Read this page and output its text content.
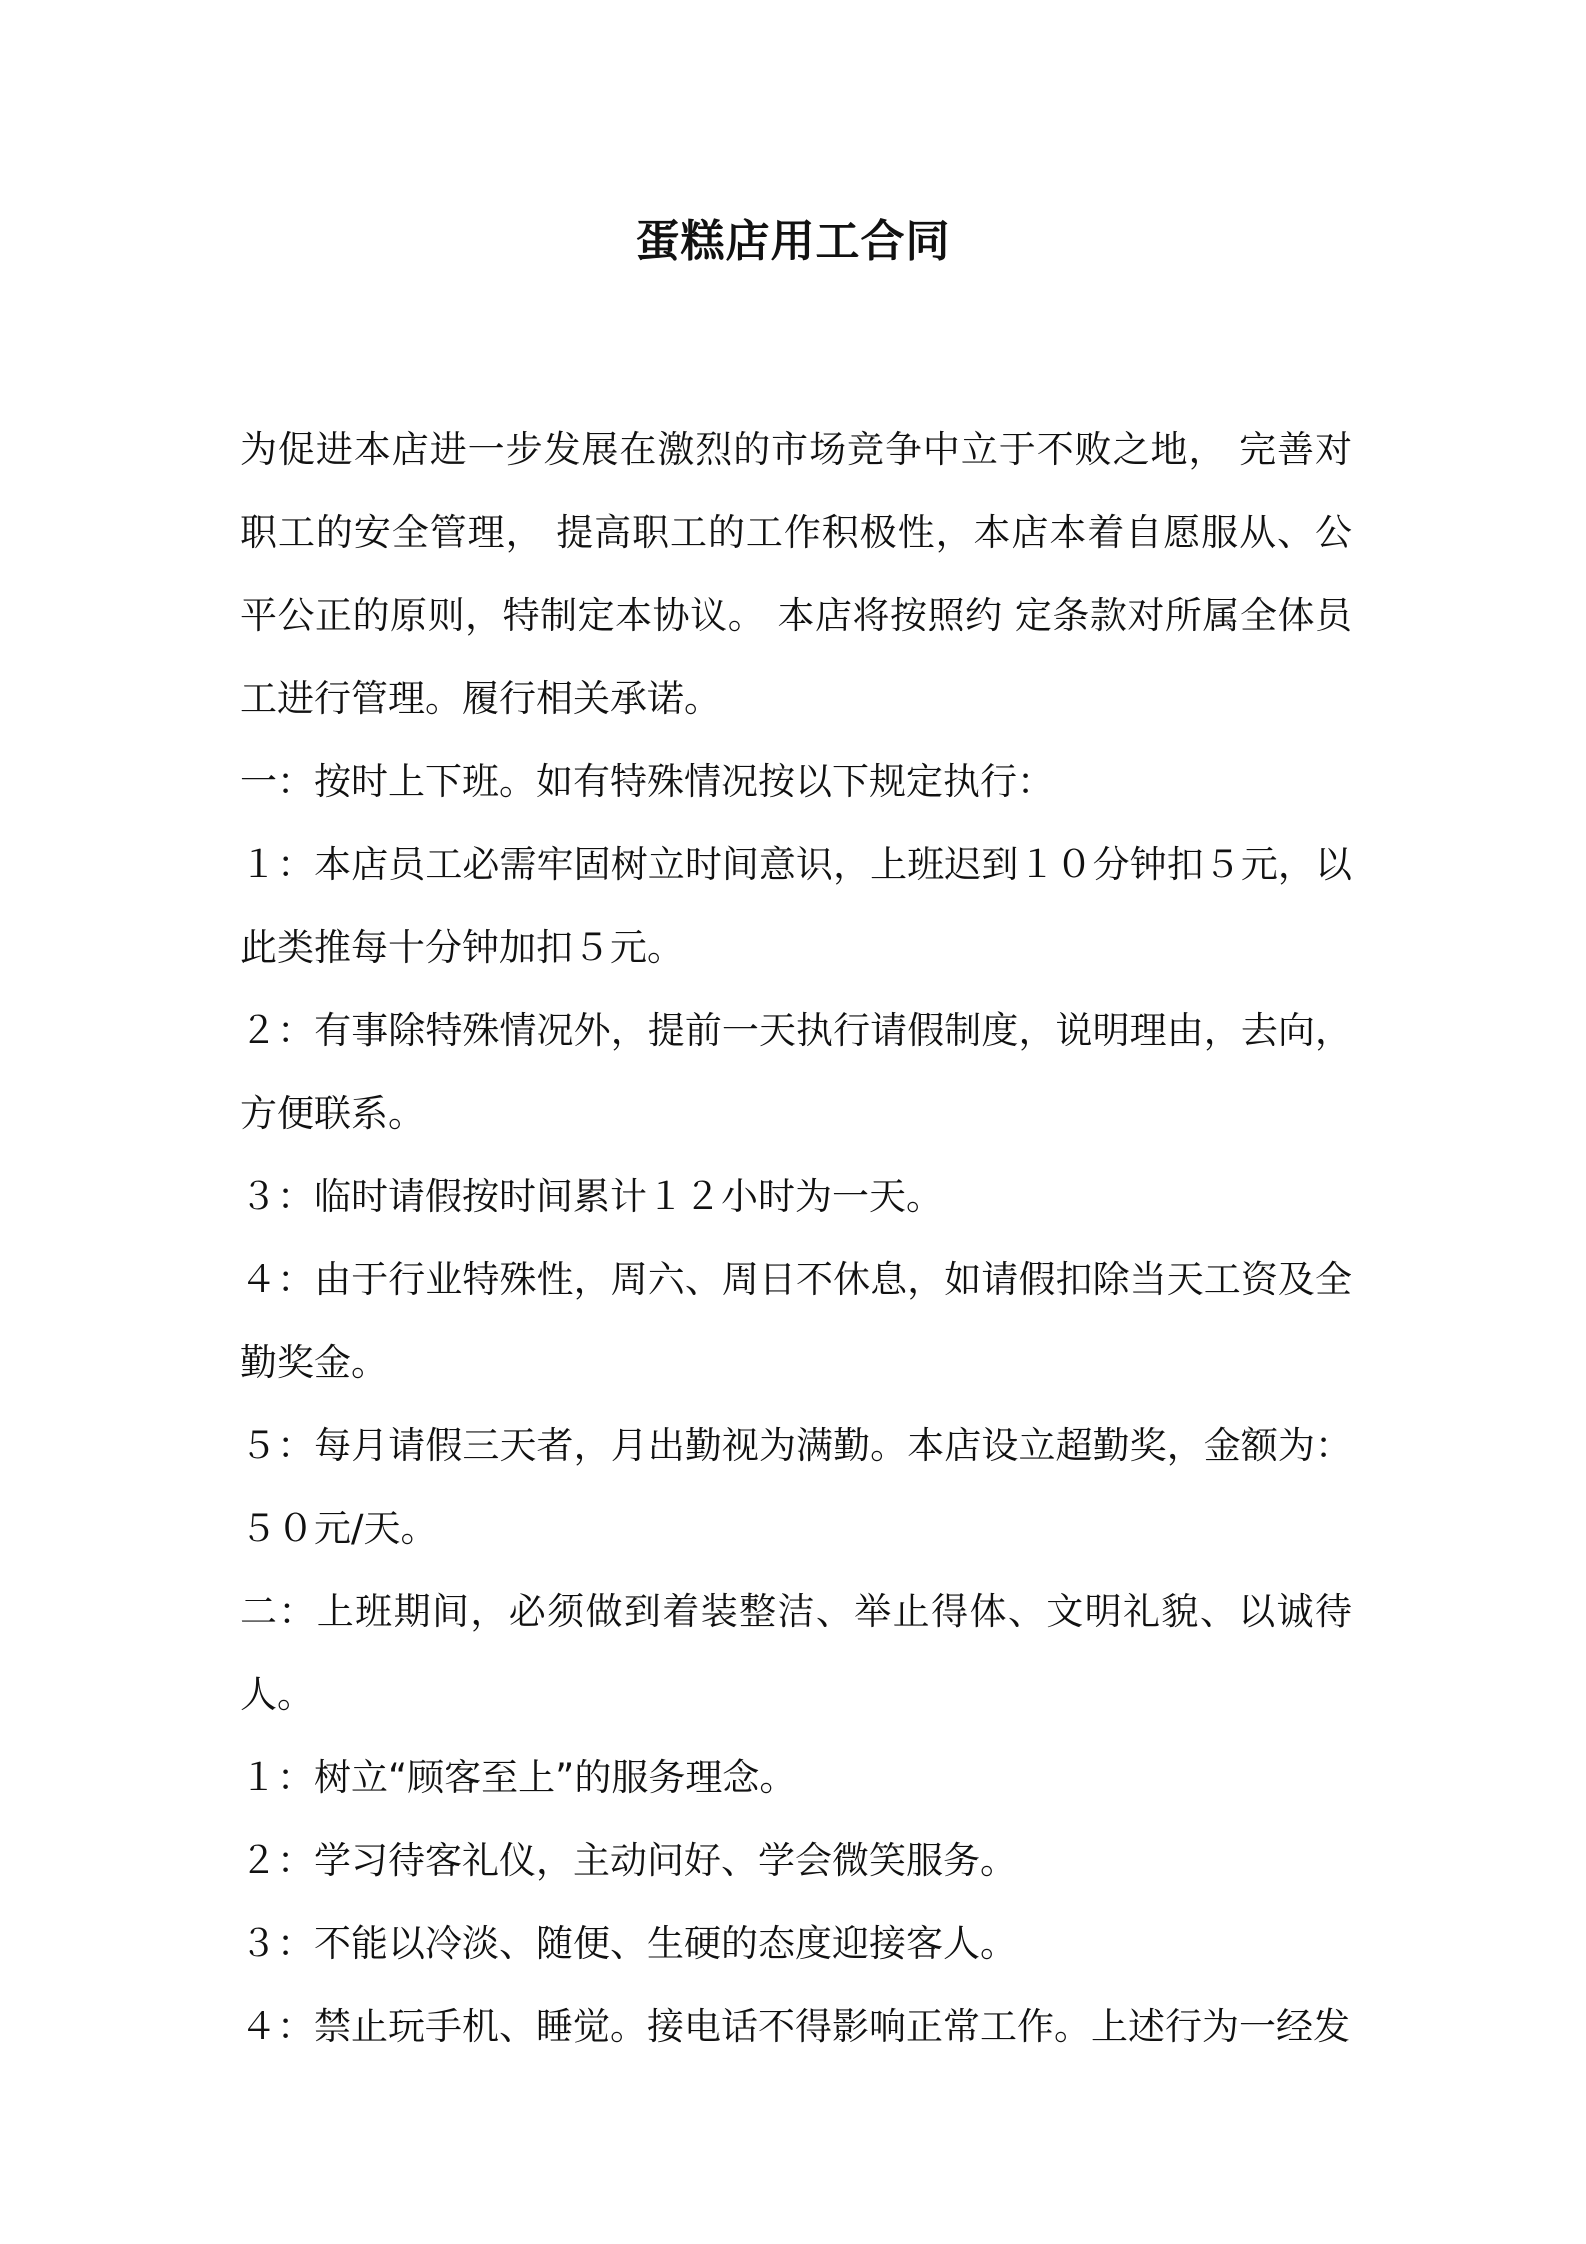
蛋糕店用工合同

为促进本店进一步发展在激烈的市场竞争中立于不败之地， 完善对职工的安全管理， 提高职工的工作积极性，本店本着自愿服从、公平公正的原则，特制定本协议。 本店将按照约 定条款对所属全体员工进行管理。履行相关承诺。

一：按时上下班。如有特殊情况按以下规定执行：

１：本店员工必需牢固树立时间意识，上班迟到１０分钟扣５元，以此类推每十分钟加扣５元。

２：有事除特殊情况外，提前一天执行请假制度，说明理由，去向，方便联系。

３：临时请假按时间累计１２小时为一天。

４：由于行业特殊性，周六、周日不休息，如请假扣除当天工资及全勤奖金。

５：每月请假三天者，月出勤视为满勤。本店设立超勤奖，金额为：５０元/天。

二：上班期间，必须做到着装整洁、举止得体、文明礼貌、以诚待人。

１：树立“顾客至上”的服务理念。

２：学习待客礼仪，主动问好、学会微笑服务。

３：不能以冷淡、随便、生硬的态度迎接客人。

４：禁止玩手机、睡觉。接电话不得影响正常工作。上述行为一经发
